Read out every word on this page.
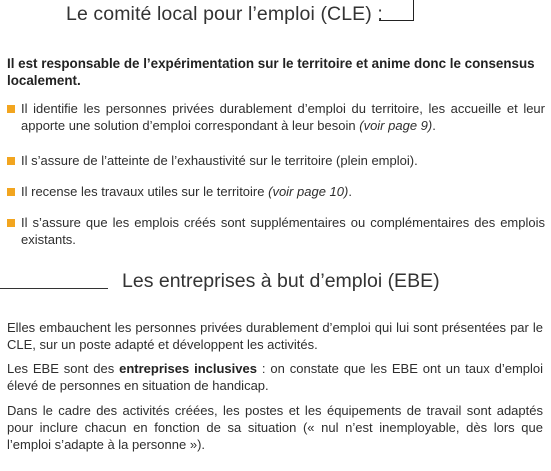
Le comité local pour l’emploi (CLE) :
Il est responsable de l’expérimentation sur le territoire et anime donc le consensus localement.
Il identifie les personnes privées durablement d’emploi du territoire, les accueille et leur apporte une solution d’emploi correspondant à leur besoin (voir page 9).
Il s’assure de l’atteinte de l’exhaustivité sur le territoire (plein emploi).
Il recense les travaux utiles sur le territoire (voir page 10).
Il s’assure que les emplois créés sont supplémentaires ou complémentaires des emplois existants.
Les entreprises à but d’emploi (EBE)

Elles embauchent les personnes privées durablement d’emploi qui lui sont présentées par le CLE, sur un poste adapté et développent les activités.

Les EBE sont des entreprises inclusives : on constate que les EBE ont un taux d’emploi élevé de personnes en situation de handicap.

Dans le cadre des activités créées, les postes et les équipements de travail sont adaptés pour inclure chacun en fonction de sa situation (« nul n’est inemployable, dès lors que l’emploi s’adapte à la personne »).
